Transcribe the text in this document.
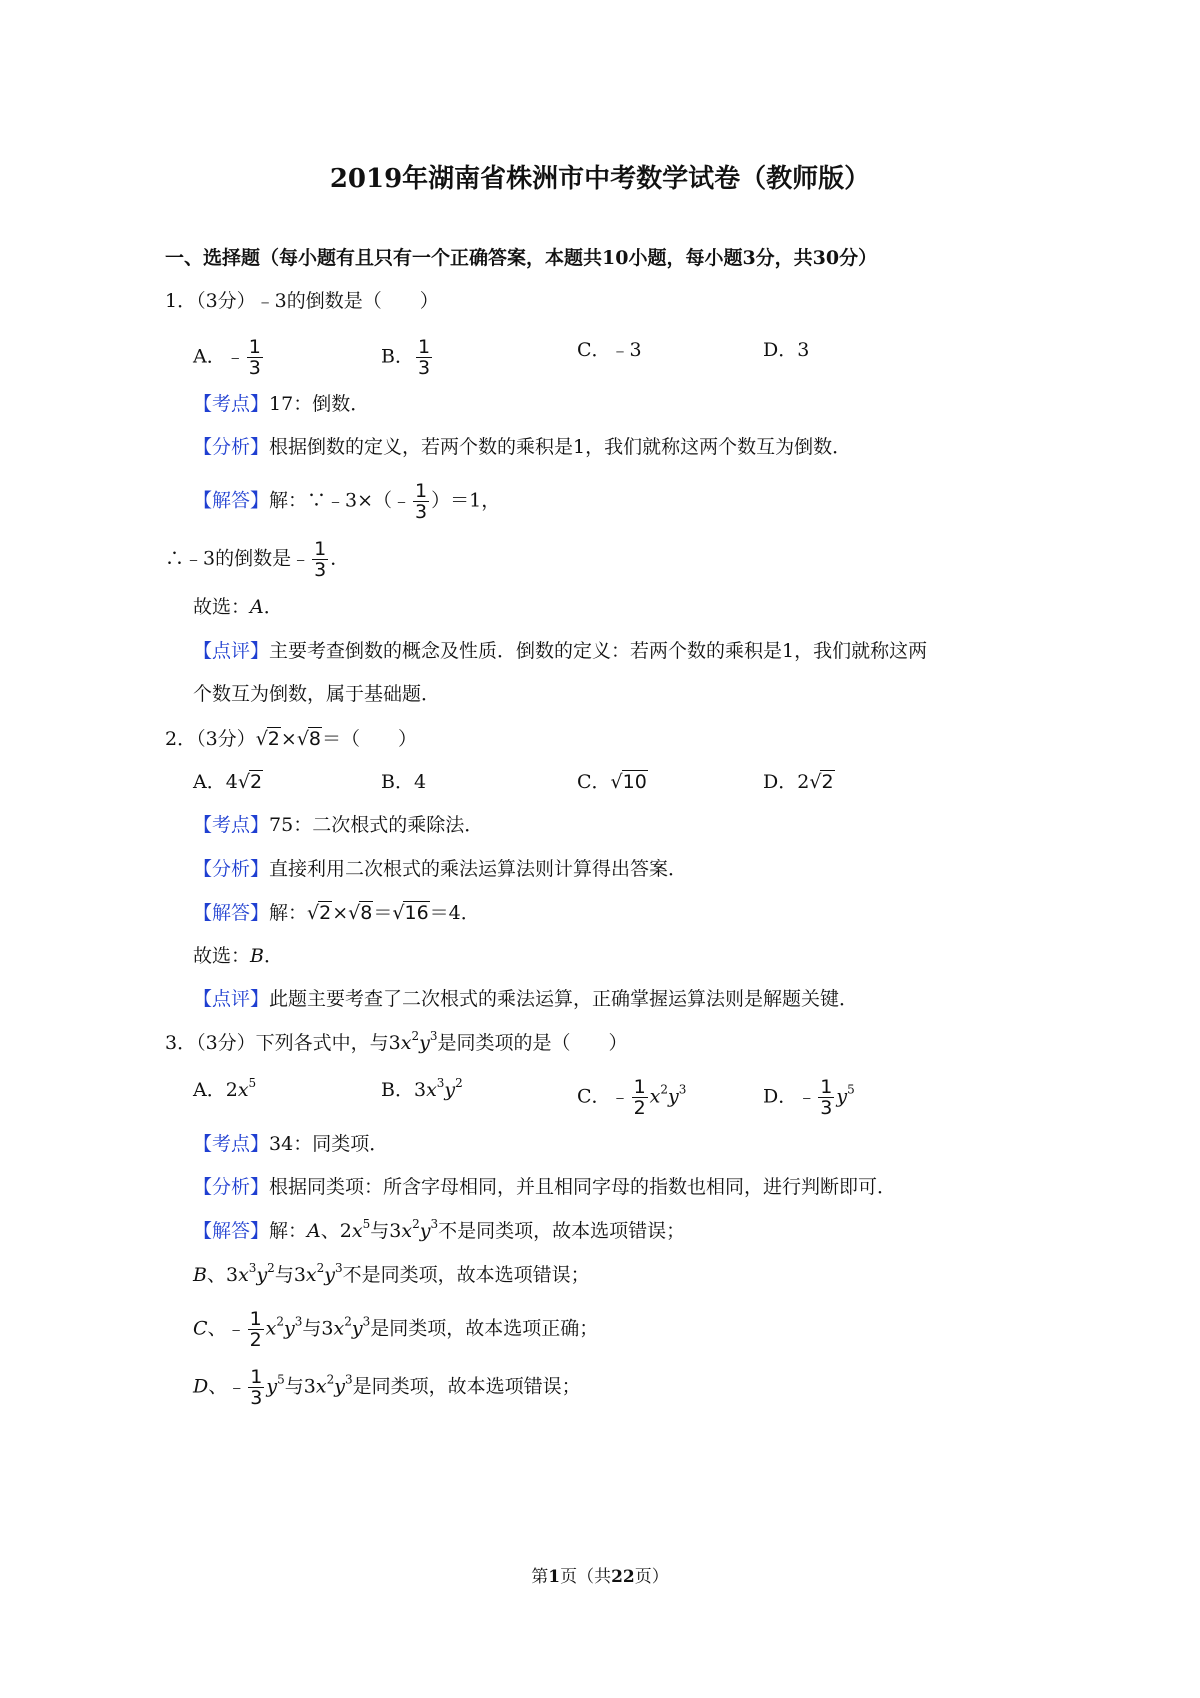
2019年湖南省株洲市中考数学试卷（教师版）
一、选择题（每小题有且只有一个正确答案，本题共10小题，每小题3分，共30分）
1．（3分）﹣3的倒数是（　　）
A．﹣ $\frac{1}{3}$	B． $\frac{1}{3}$	C．﹣3	D．3
【考点】17：倒数．
【分析】根据倒数的定义，若两个数的乘积是1，我们就称这两个数互为倒数．
【解答】解：∵﹣3×（﹣ $\frac{1}{3} )=1$，
∴﹣3的倒数是﹣ $\frac{1}{3}$ ．
故选：A．
【点评】主要考查倒数的概念及性质．倒数的定义：若两个数的乘积是1，我们就称这两
个数互为倒数，属于基础题．
2．（3分）√2×√8＝（　　）
A．4√2	B．4	C．√10	D．2√2
【考点】75：二次根式的乘除法．
【分析】直接利用二次根式的乘法运算法则计算得出答案．
【解答】解：√2×√8＝√16＝4．
故选：B．
【点评】此题主要考查了二次根式的乘法运算，正确掌握运算法则是解题关键．
3．（3分）下列各式中，与$3x^2y^3$是同类项的是（　　）
A．$2x^5$	B．$3x^3y^2$
C．﹣ $\frac{1}{2} x^2y^3$	D．﹣ $\frac{1}{3} y^5$
【考点】34：同类项．
【分析】根据同类项：所含字母相同，并且相同字母的指数也相同，进行判断即可．
【解答】解：A、$2x^5$与$3x^2y^3$不是同类项，故本选项错误；
B、$3x^3y^2$与$3x^2y^3$不是同类项，故本选项错误；
C、﹣ $\frac{1}{2} x^2y^3$与$3x^2y^3$是同类项，故本选项正确；
D、﹣ $\frac{1}{3} y^5$与$3x^2y^3$是同类项，故本选项错误；
第1页（共22页）
